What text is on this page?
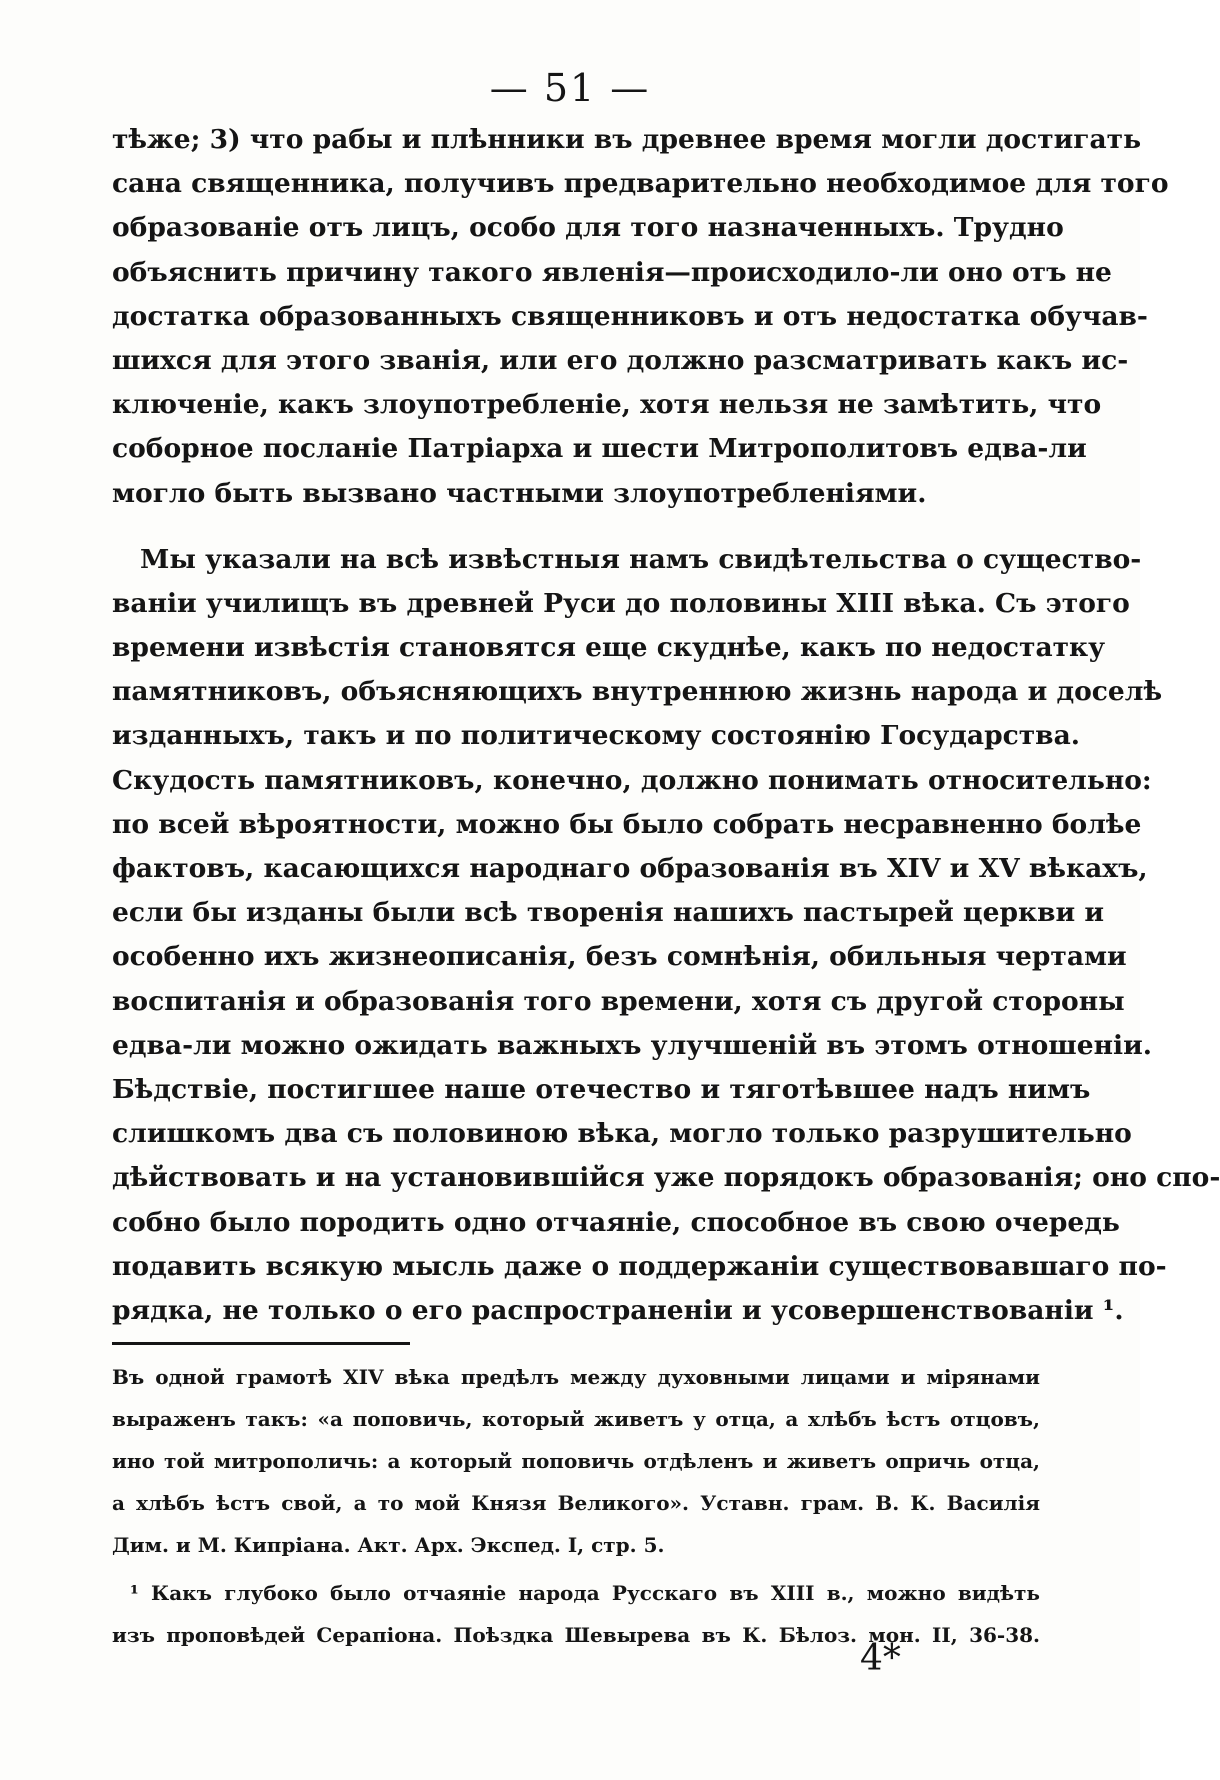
— 51 —
тѣже; 3) что рабы и плѣнники въ древнее время могли достигать
сана священника, получивъ предварительно необходимое для того
образованіе отъ лицъ, особо для того назначенныхъ. Трудно
объяснить причину такого явленія—происходило-ли оно отъ не
достатка образованныхъ священниковъ и отъ недостатка обучав-
шихся для этого званія, или его должно разсматривать какъ ис-
ключеніе, какъ злоупотребленіе, хотя нельзя не замѣтить, что
соборное посланіе Патріарха и шести Митрополитовъ едва-ли
могло быть вызвано частными злоупотребленіями.
Мы указали на всѣ извѣстныя намъ свидѣтельства о существо-
ваніи училищъ въ древней Руси до половины XIII вѣка. Съ этого
времени извѣстія становятся еще скуднѣе, какъ по недостатку
памятниковъ, объясняющихъ внутреннюю жизнь народа и доселѣ
изданныхъ, такъ и по политическому состоянію Государства.
Скудость памятниковъ, конечно, должно понимать относительно:
по всей вѣроятности, можно бы было собрать несравненно болѣе
фактовъ, касающихся народнаго образованія въ XIV и XV вѣкахъ,
если бы изданы были всѣ творенія нашихъ пастырей церкви и
особенно ихъ жизнеописанія, безъ сомнѣнія, обильныя чертами
воспитанія и образованія того времени, хотя съ другой стороны
едва-ли можно ожидать важныхъ улучшеній въ этомъ отношеніи.
Бѣдствіе, постигшее наше отечество и тяготѣвшее надъ нимъ
слишкомъ два съ половиною вѣка, могло только разрушительно
дѣйствовать и на установившійся уже порядокъ образованія; оно спо-
собно было породить одно отчаяніе, способное въ свою очередь
подавить всякую мысль даже о поддержаніи существовавшаго по-
рядка, не только о его распространеніи и усовершенствованіи ¹.
Въ одной грамотѣ XIV вѣка предѣлъ между духовными лицами и мірянами
выраженъ такъ: «а поповичь, который живетъ у отца, а хлѣбъ ѣстъ отцовъ,
ино той митрополичь: а который поповичь отдѣленъ и живетъ опричь отца,
а хлѣбъ ѣстъ свой, а то мой Князя Великого». Уставн. грам. В. К. Василія
Дим. и М. Кипріана. Акт. Арх. Экспед. I, стр. 5.
¹ Какъ глубоко было отчаяніе народа Русскаго въ XIII в., можно видѣть
изъ проповѣдей Серапіона. Поѣздка Шевырева въ К. Бѣлоз. мон. II, 36-38.
4*
